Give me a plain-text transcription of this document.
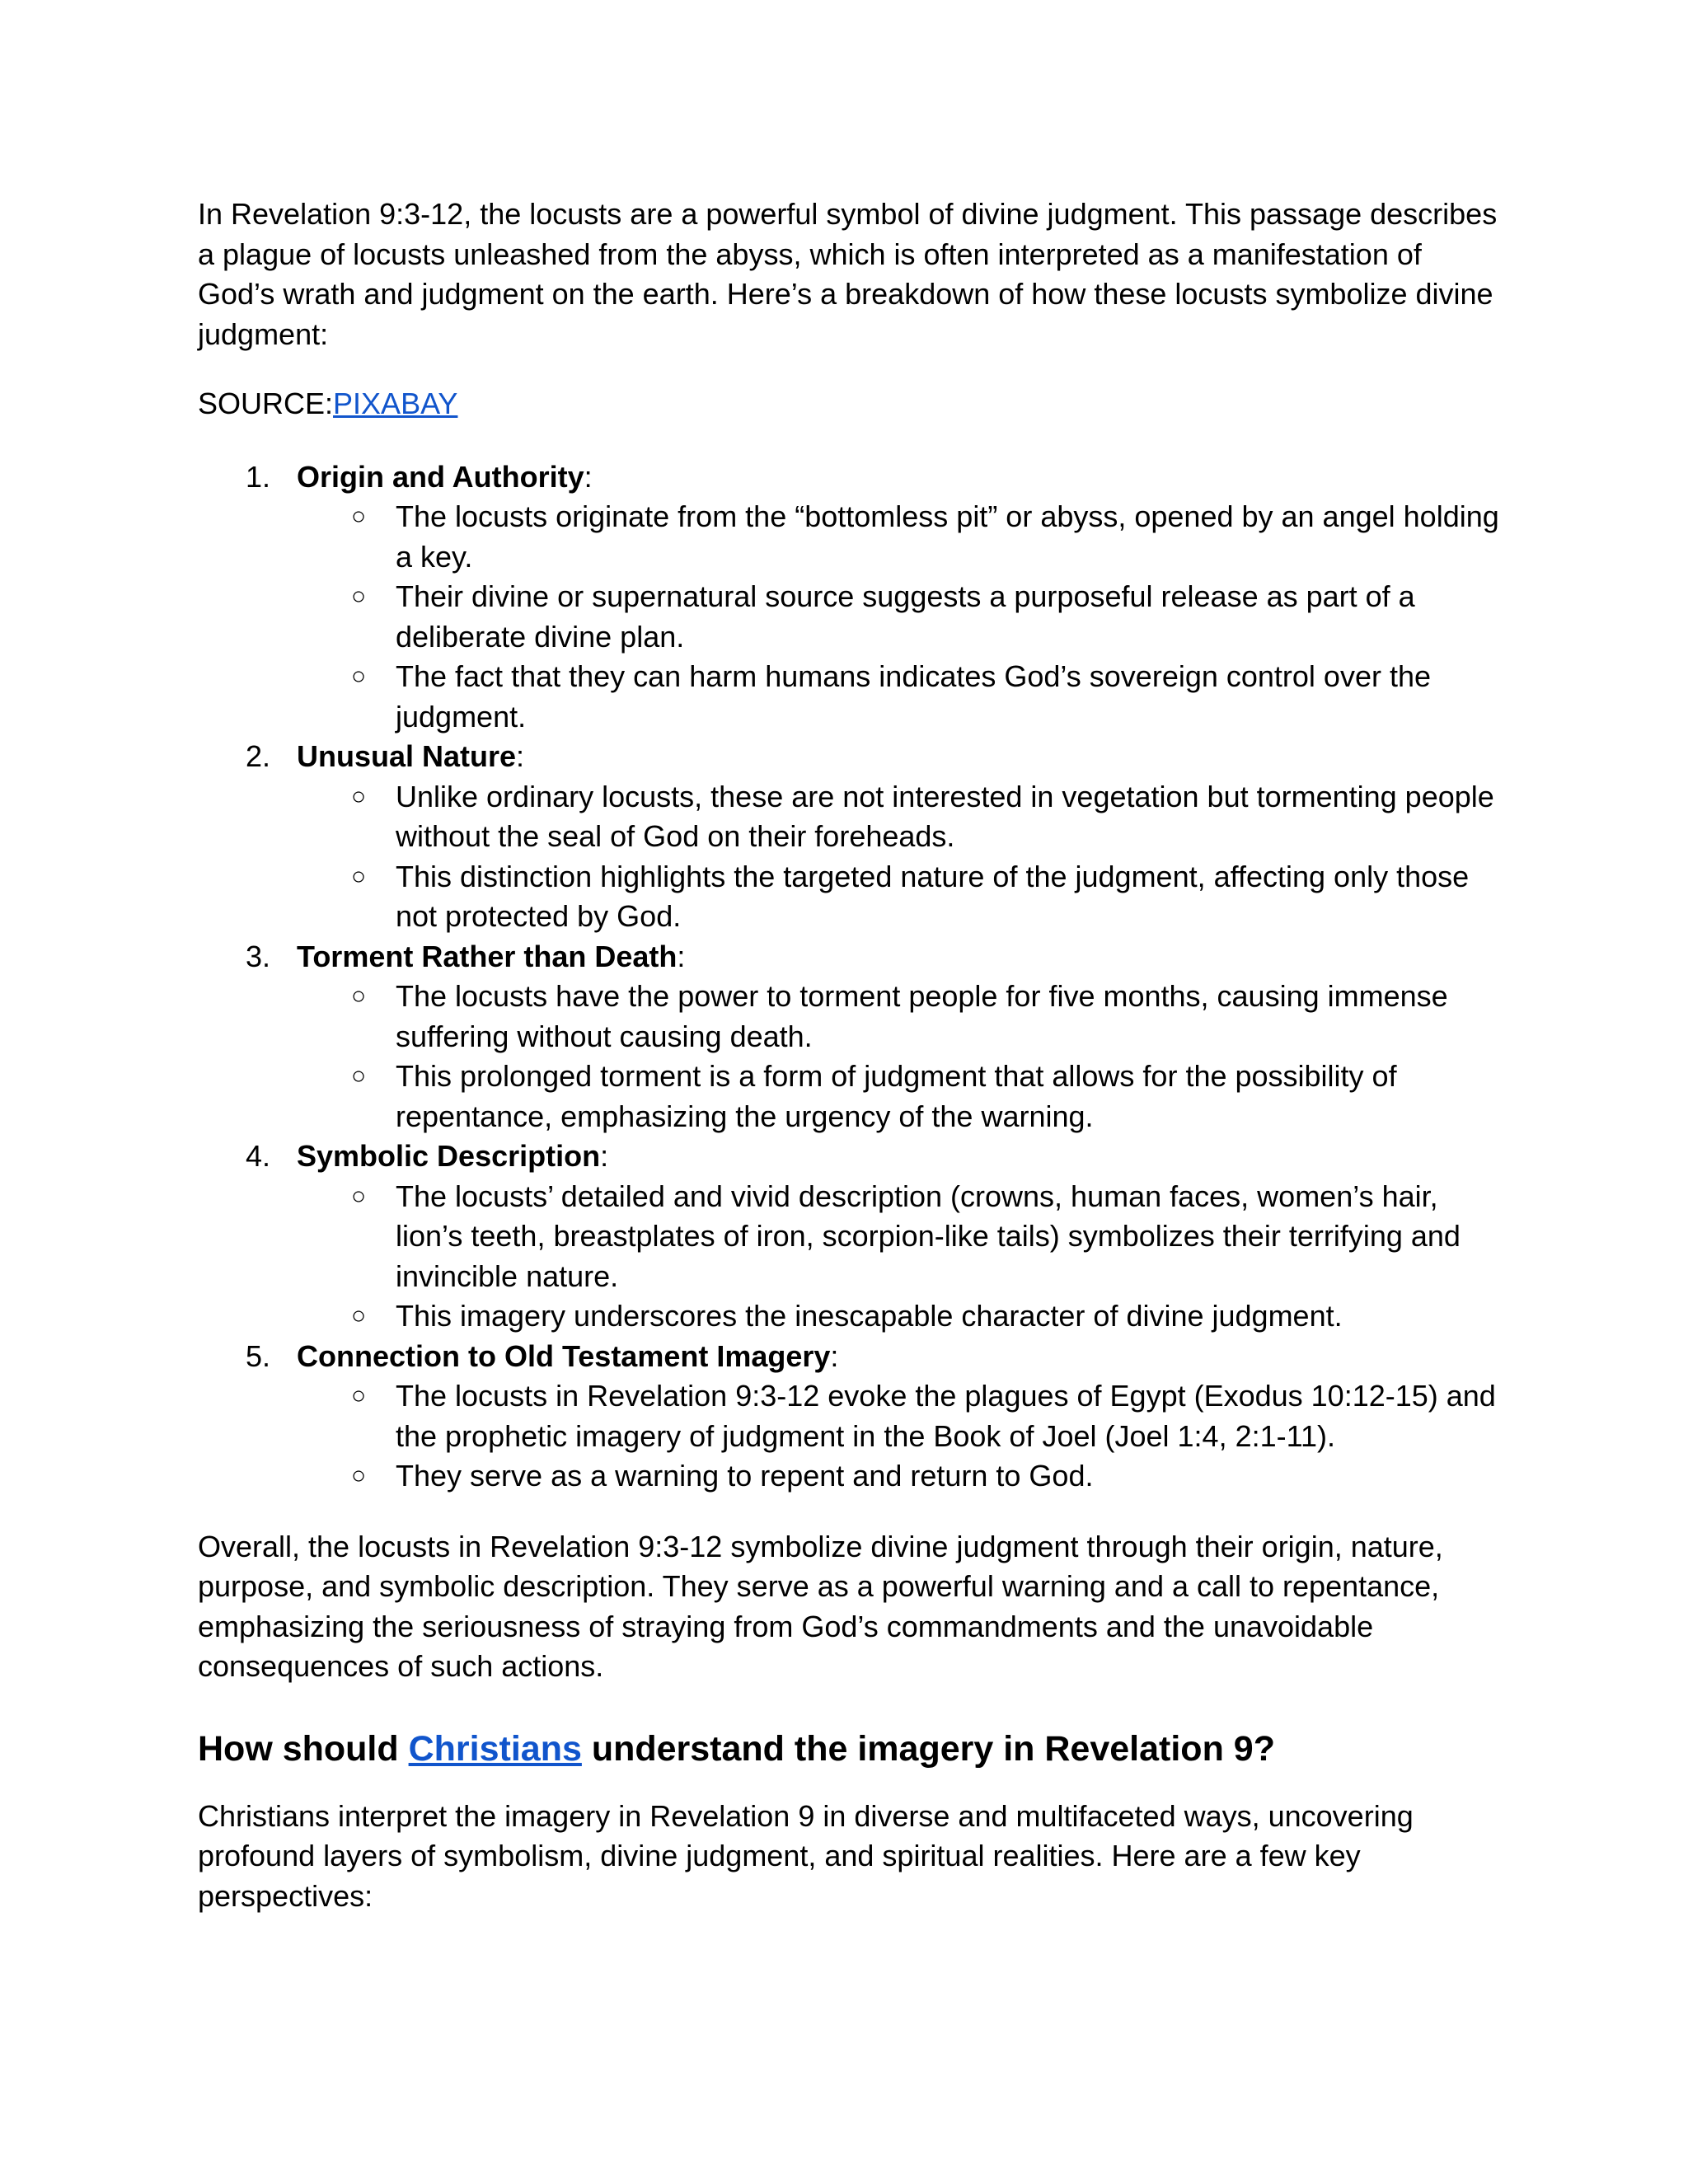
In Revelation 9:3-12, the locusts are a powerful symbol of divine judgment. This passage describes a plague of locusts unleashed from the abyss, which is often interpreted as a manifestation of God’s wrath and judgment on the earth. Here’s a breakdown of how these locusts symbolize divine judgment:

SOURCE:PIXABAY

1. Origin and Authority:
○ The locusts originate from the “bottomless pit” or abyss, opened by an angel holding a key.
○ Their divine or supernatural source suggests a purposeful release as part of a deliberate divine plan.
○ The fact that they can harm humans indicates God’s sovereign control over the judgment.
2. Unusual Nature:
○ Unlike ordinary locusts, these are not interested in vegetation but tormenting people without the seal of God on their foreheads.
○ This distinction highlights the targeted nature of the judgment, affecting only those not protected by God.
3. Torment Rather than Death:
○ The locusts have the power to torment people for five months, causing immense suffering without causing death.
○ This prolonged torment is a form of judgment that allows for the possibility of repentance, emphasizing the urgency of the warning.
4. Symbolic Description:
○ The locusts’ detailed and vivid description (crowns, human faces, women’s hair, lion’s teeth, breastplates of iron, scorpion-like tails) symbolizes their terrifying and invincible nature.
○ This imagery underscores the inescapable character of divine judgment.
5. Connection to Old Testament Imagery:
○ The locusts in Revelation 9:3-12 evoke the plagues of Egypt (Exodus 10:12-15) and the prophetic imagery of judgment in the Book of Joel (Joel 1:4, 2:1-11).
○ They serve as a warning to repent and return to God.

Overall, the locusts in Revelation 9:3-12 symbolize divine judgment through their origin, nature, purpose, and symbolic description. They serve as a powerful warning and a call to repentance, emphasizing the seriousness of straying from God’s commandments and the unavoidable consequences of such actions.

How should Christians understand the imagery in Revelation 9?

Christians interpret the imagery in Revelation 9 in diverse and multifaceted ways, uncovering profound layers of symbolism, divine judgment, and spiritual realities. Here are a few key perspectives:
